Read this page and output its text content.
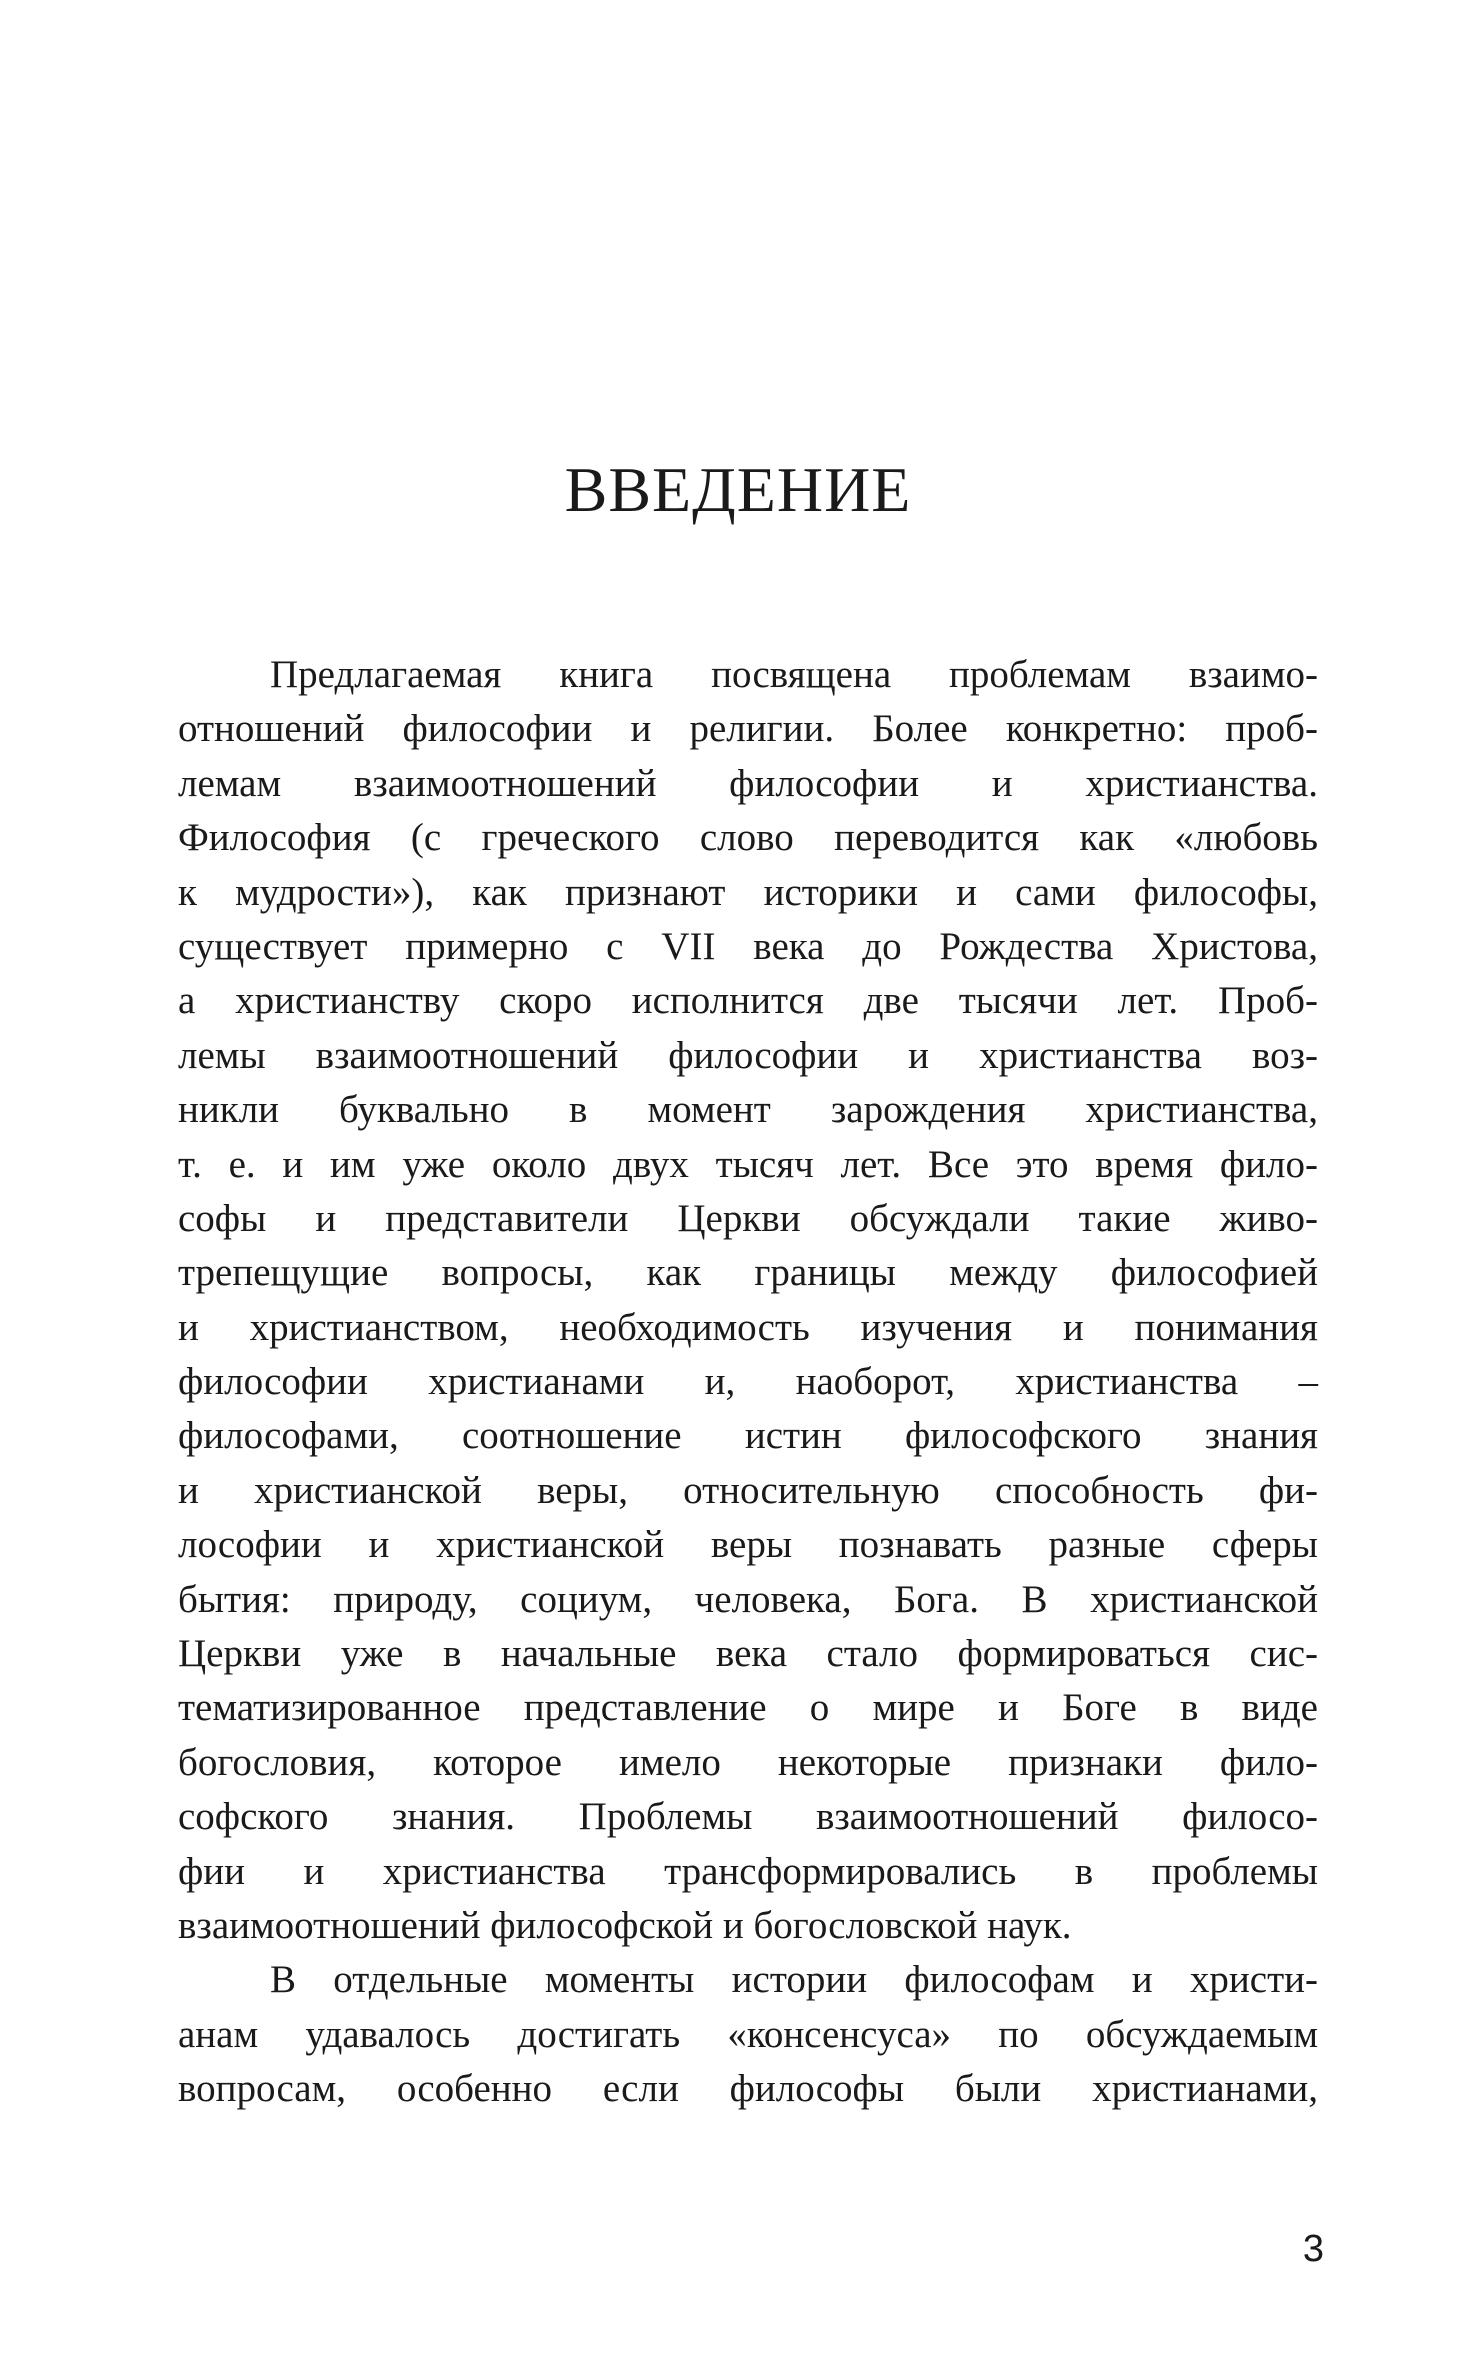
ВВЕДЕНИЕ
Предлагаемая книга посвящена проблемам взаимо-
отношений философии и религии. Более конкретно: проб-
лемам взаимоотношений философии и христианства.
Философия (с греческого слово переводится как «любовь
к мудрости»), как признают историки и сами философы,
существует примерно с VII века до Рождества Христова,
а христианству скоро исполнится две тысячи лет. Проб-
лемы взаимоотношений философии и христианства воз-
никли буквально в момент зарождения христианства,
т. е. и им уже около двух тысяч лет. Все это время фило-
софы и представители Церкви обсуждали такие живо-
трепещущие вопросы, как границы между философией
и христианством, необходимость изучения и понимания
философии христианами и, наоборот, христианства –
философами, соотношение истин философского знания
и христианской веры, относительную способность фи-
лософии и христианской веры познавать разные сферы
бытия: природу, социум, человека, Бога. В христианской
Церкви уже в начальные века стало формироваться сис-
тематизированное представление о мире и Боге в виде
богословия, которое имело некоторые признаки фило-
софского знания. Проблемы взаимоотношений филосо-
фии и христианства трансформировались в проблемы
взаимоотношений философской и богословской наук.
В отдельные моменты истории философам и христи-
анам удавалось достигать «консенсуса» по обсуждаемым
вопросам, особенно если философы были христианами,
3
